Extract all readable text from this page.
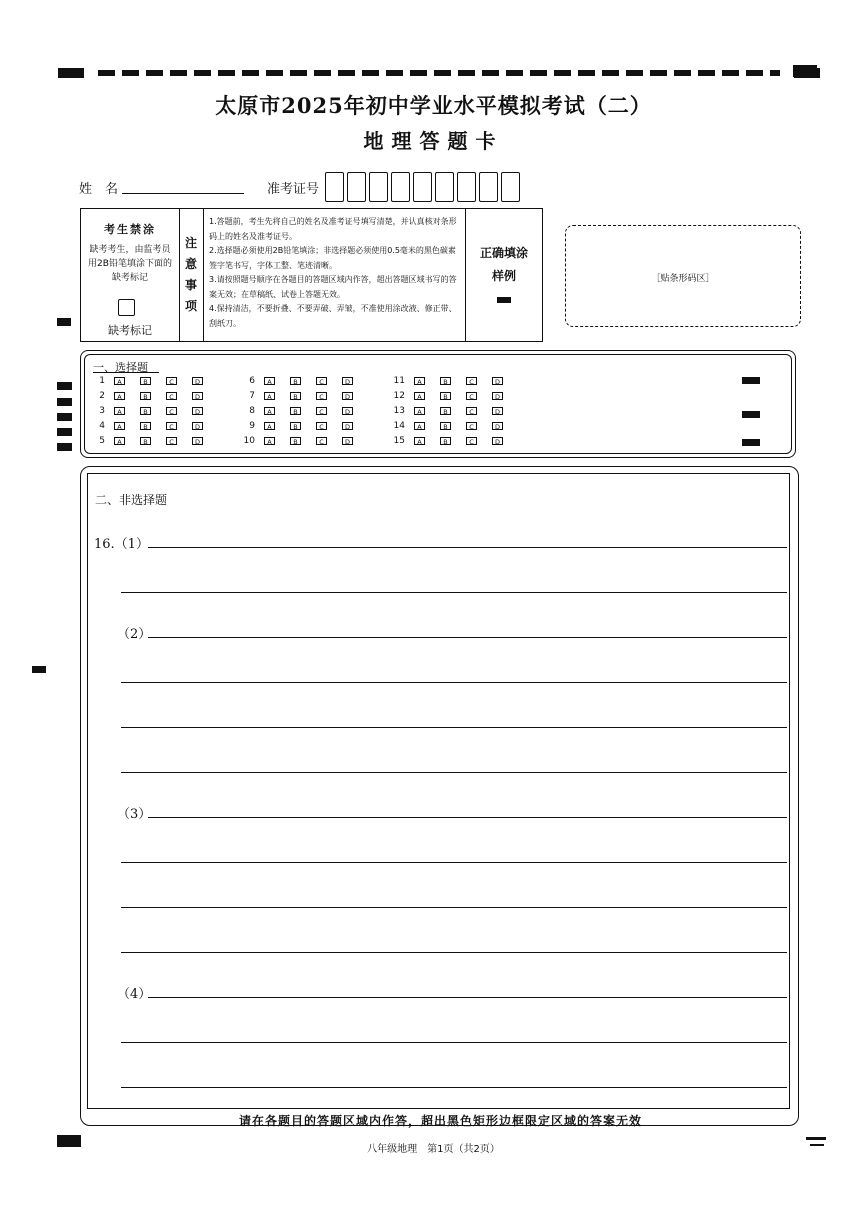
太原市2025年初中学业水平模拟考试（二）
地理答题卡
姓　名	准考证号
考生禁涂
缺考考生，由监考员用2B铅笔填涂下面的缺考标记
缺考标记
注意事项
1.答题前，考生先将自己的姓名及准考证号填写清楚，并认真核对条形码上的姓名及准考证号。
2.选择题必须使用2B铅笔填涂；非选择题必须使用0.5毫米的黑色碳素签字笔书写，字体工整、笔迹清晰。
3.请按照题号顺序在各题目的答题区域内作答，超出答题区域书写的答案无效；在草稿纸、试卷上答题无效。
4.保持清洁，不要折叠、不要弄破、弄皱，不准使用涂改液、修正带、刮纸刀。
正确填涂
样例	［贴条形码区］
一、选择题
1	A	B	C	D
2	A	B	C	D
3	A	B	C	D
4	A	B	C	D
5	A	B	C	D
6	A	B	C	D
7	A	B	C	D
8	A	B	C	D
9	A	B	C	D
10	A	B	C	D
11	A	B	C	D
12	A	B	C	D
13	A	B	C	D
14	A	B	C	D
15	A	B	C	D
二、非选择题
16.（1）
（2）
（3）
（4）
请在各题目的答题区域内作答，超出黑色矩形边框限定区域的答案无效
八年级地理　第1页（共2页）
